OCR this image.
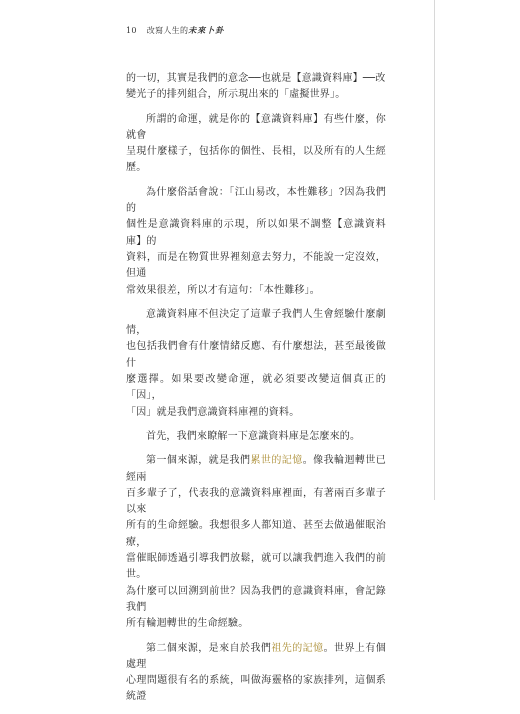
10 改寫人生的未來卜卦

的一切，其實是我們的意念──也就是【意識資料庫】──改
變光子的排列組合，所示現出來的「虛擬世界」。

所謂的命運，就是你的【意識資料庫】有些什麼，你就會
呈現什麼樣子，包括你的個性、長相，以及所有的人生經歷。

為什麼俗話會說：「江山易改，本性難移」?因為我們的
個性是意識資料庫的示現，所以如果不調整【意識資料庫】的
資料，而是在物質世界裡刻意去努力，不能說一定沒效，但通
常效果很差，所以才有這句：「本性難移」。

意識資料庫不但決定了這輩子我們人生會經驗什麼劇情，
也包括我們會有什麼情緒反應、有什麼想法，甚至最後做什
麼選擇。如果要改變命運，就必須要改變這個真正的「因」，
「因」就是我們意識資料庫裡的資料。

首先，我們來瞭解一下意識資料庫是怎麼來的。

第一個來源，就是我們累世的記憶。像我輪迴轉世已經兩
百多輩子了，代表我的意識資料庫裡面，有著兩百多輩子以來
所有的生命經驗。我想很多人都知道、甚至去做過催眠治療，
當催眠師透過引導我們放鬆，就可以讓我們進入我們的前世。
為什麼可以回溯到前世？因為我們的意識資料庫，會記錄我們
所有輪迴轉世的生命經驗。

第二個來源，是來自於我們祖先的記憶。世界上有個處理
心理問題很有名的系統，叫做海靈格的家族排列，這個系統證
